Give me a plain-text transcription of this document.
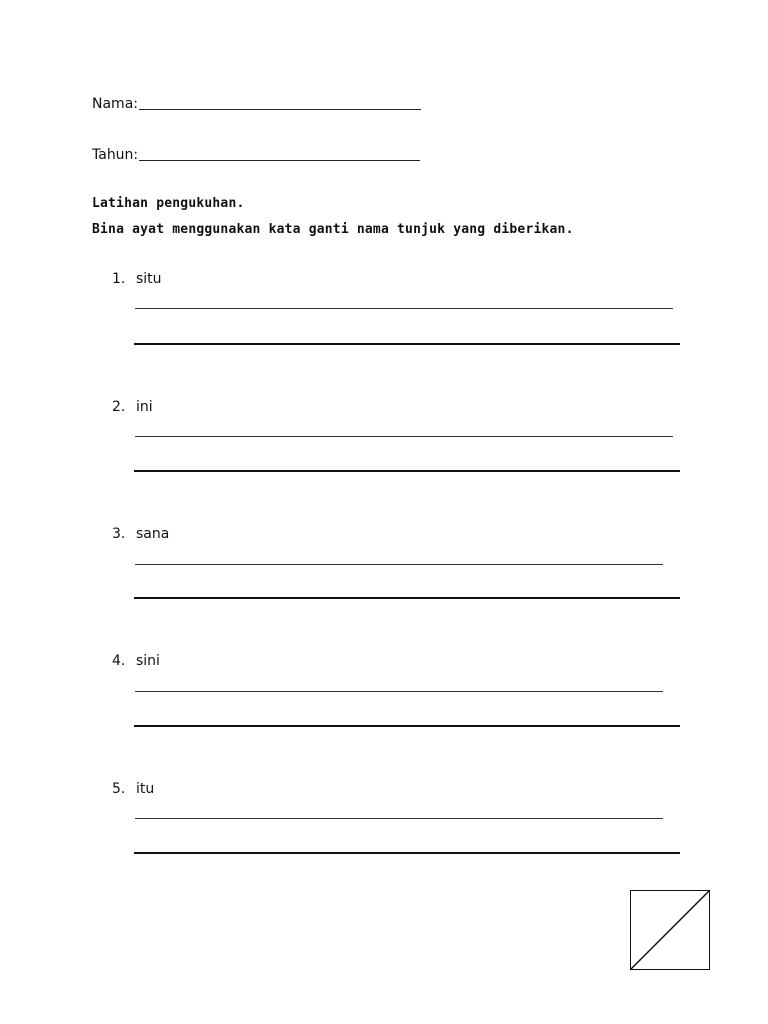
Nama:
Tahun:
Latihan pengukuhan.
Bina ayat menggunakan kata ganti nama tunjuk yang diberikan.
1. situ
2. ini
3. sana
4. sini
5. itu
